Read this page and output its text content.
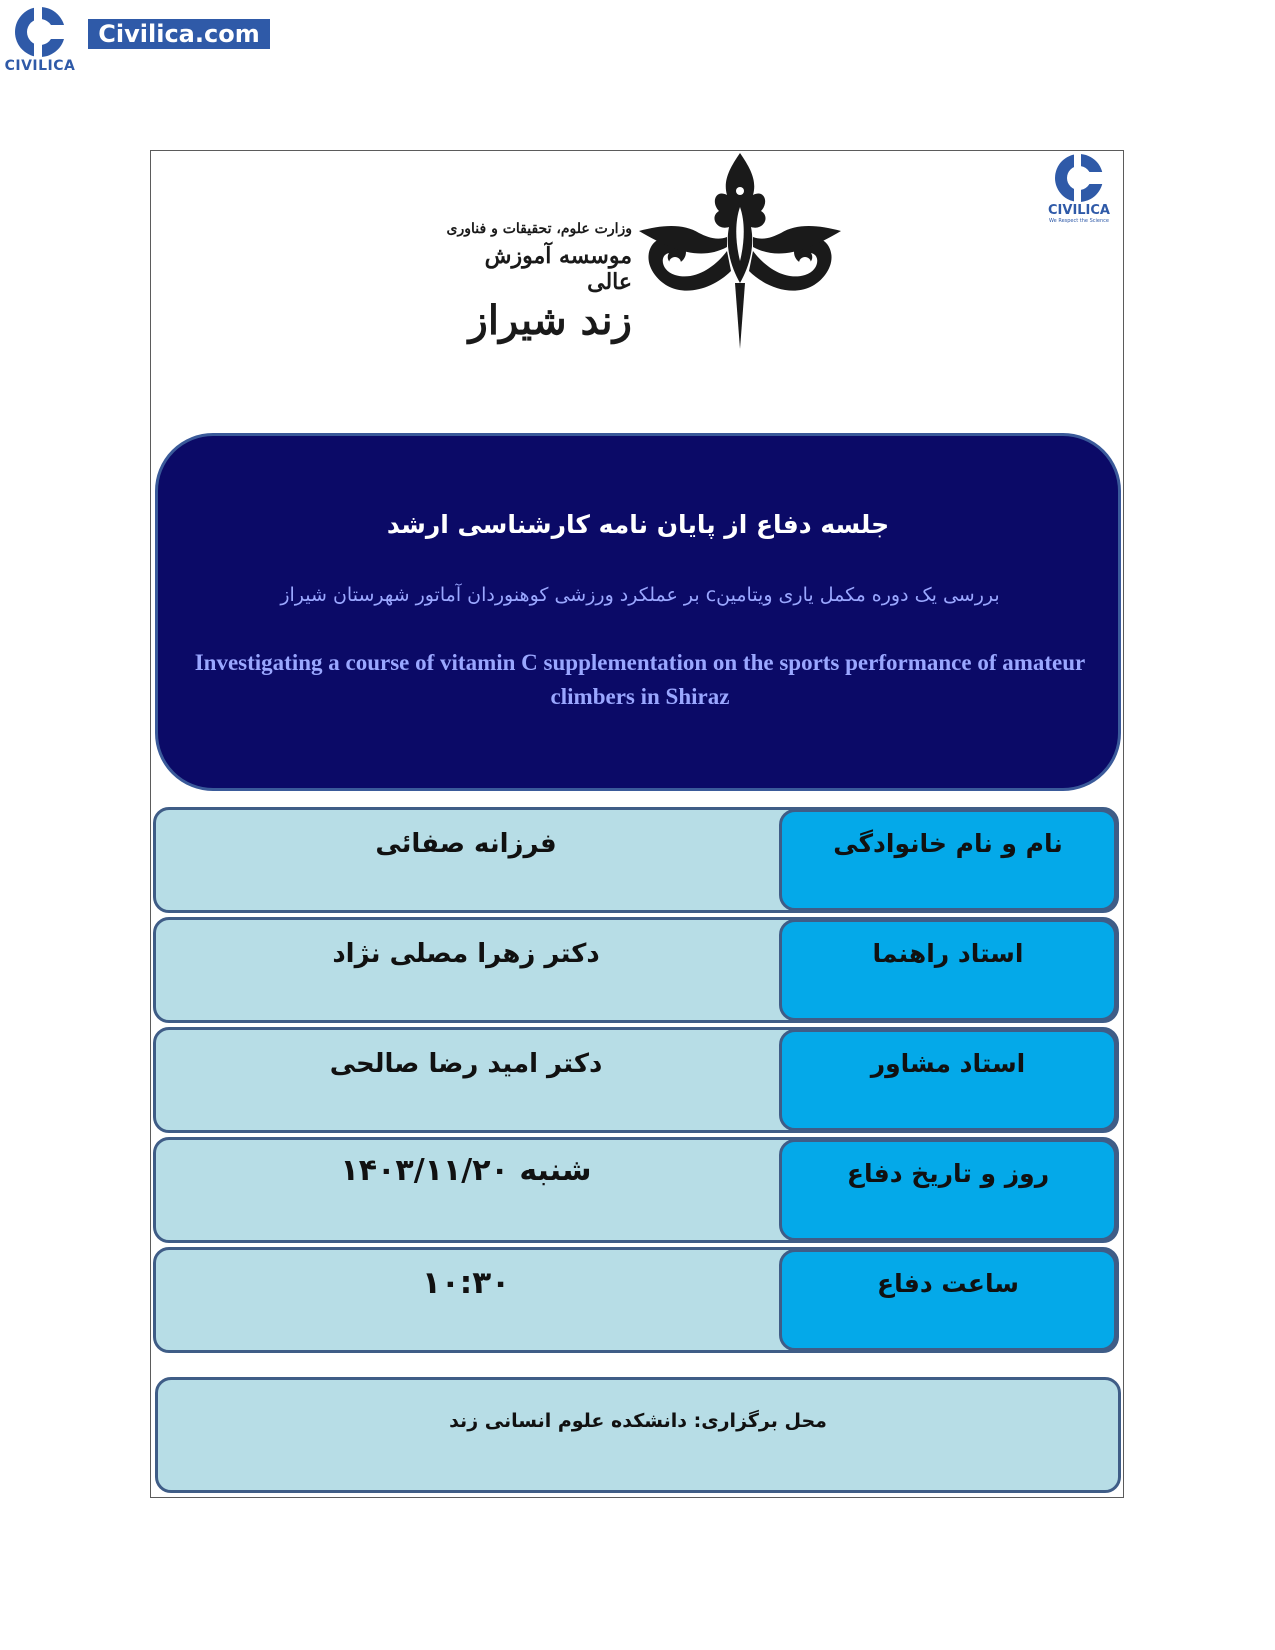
Civilica.com
CIVILICA
CIVILICA
We Respect the Science
وزارت علوم، تحقیقات و فناوری
موسسه آموزش عالی
زند شیراز
جلسه دفاع از پایان نامه کارشناسی ارشد
بررسی یک دوره مکمل یاری ویتامینc بر عملکرد ورزشی کوهنوردان آماتور شهرستان شیراز
Investigating a course of vitamin C supplementation on the sports performance of amateur climbers in Shiraz
نام و نام خانوادگی
فرزانه صفائی
استاد راهنما
دکتر زهرا مصلی نژاد
استاد مشاور
دکتر امید رضا صالحی
روز و تاریخ دفاع
شنبه ۱۴۰۳/۱۱/۲۰
ساعت دفاع
۱۰:۳۰
محل برگزاری: دانشکده علوم انسانی زند
